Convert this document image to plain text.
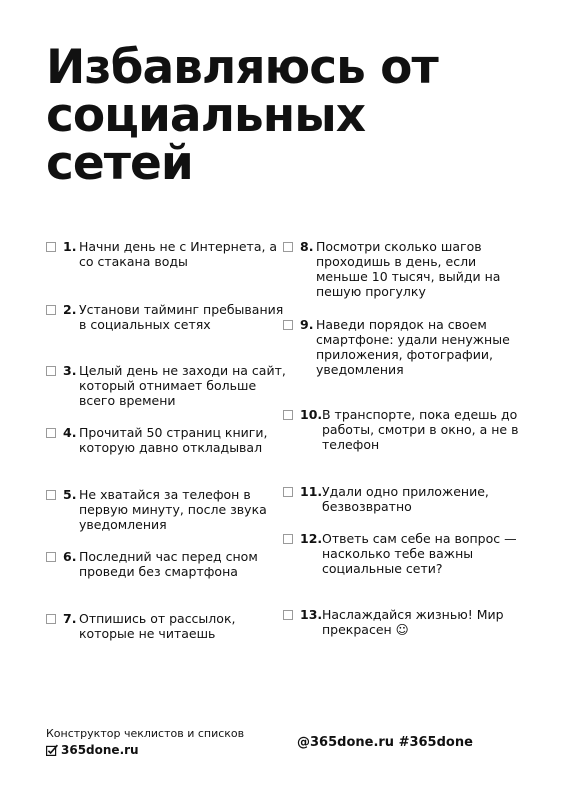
Избавляюсь от
социальных
сетей
1. Начни день не с Интернета, а со стакана воды
2. Установи тайминг пребывания в социальных сетях
3. Целый день не заходи на сайт, который отнимает больше всего времени
4. Прочитай 50 страниц книги, которую давно откладывал
5. Не хватайся за телефон в первую минуту, после звука уведомления
6. Последний час перед сном проведи без смартфона
7. Отпишись от рассылок, которые не читаешь
8. Посмотри сколько шагов проходишь в день, если меньше 10 тысяч, выйди на пешую прогулку
9. Наведи порядок на своем смартфоне: удали ненужные приложения, фотографии, уведомления
10. В транспорте, пока едешь до работы, смотри в окно, а не в телефон
11. Удали одно приложение, безвозвратно
12. Ответь сам себе на вопрос — насколько тебе важны социальные сети?
13. Наслаждайся жизнью! Мир прекрасен ☺
Конструктор чеклистов и списков
365done.ru	@365done.ru #365done
